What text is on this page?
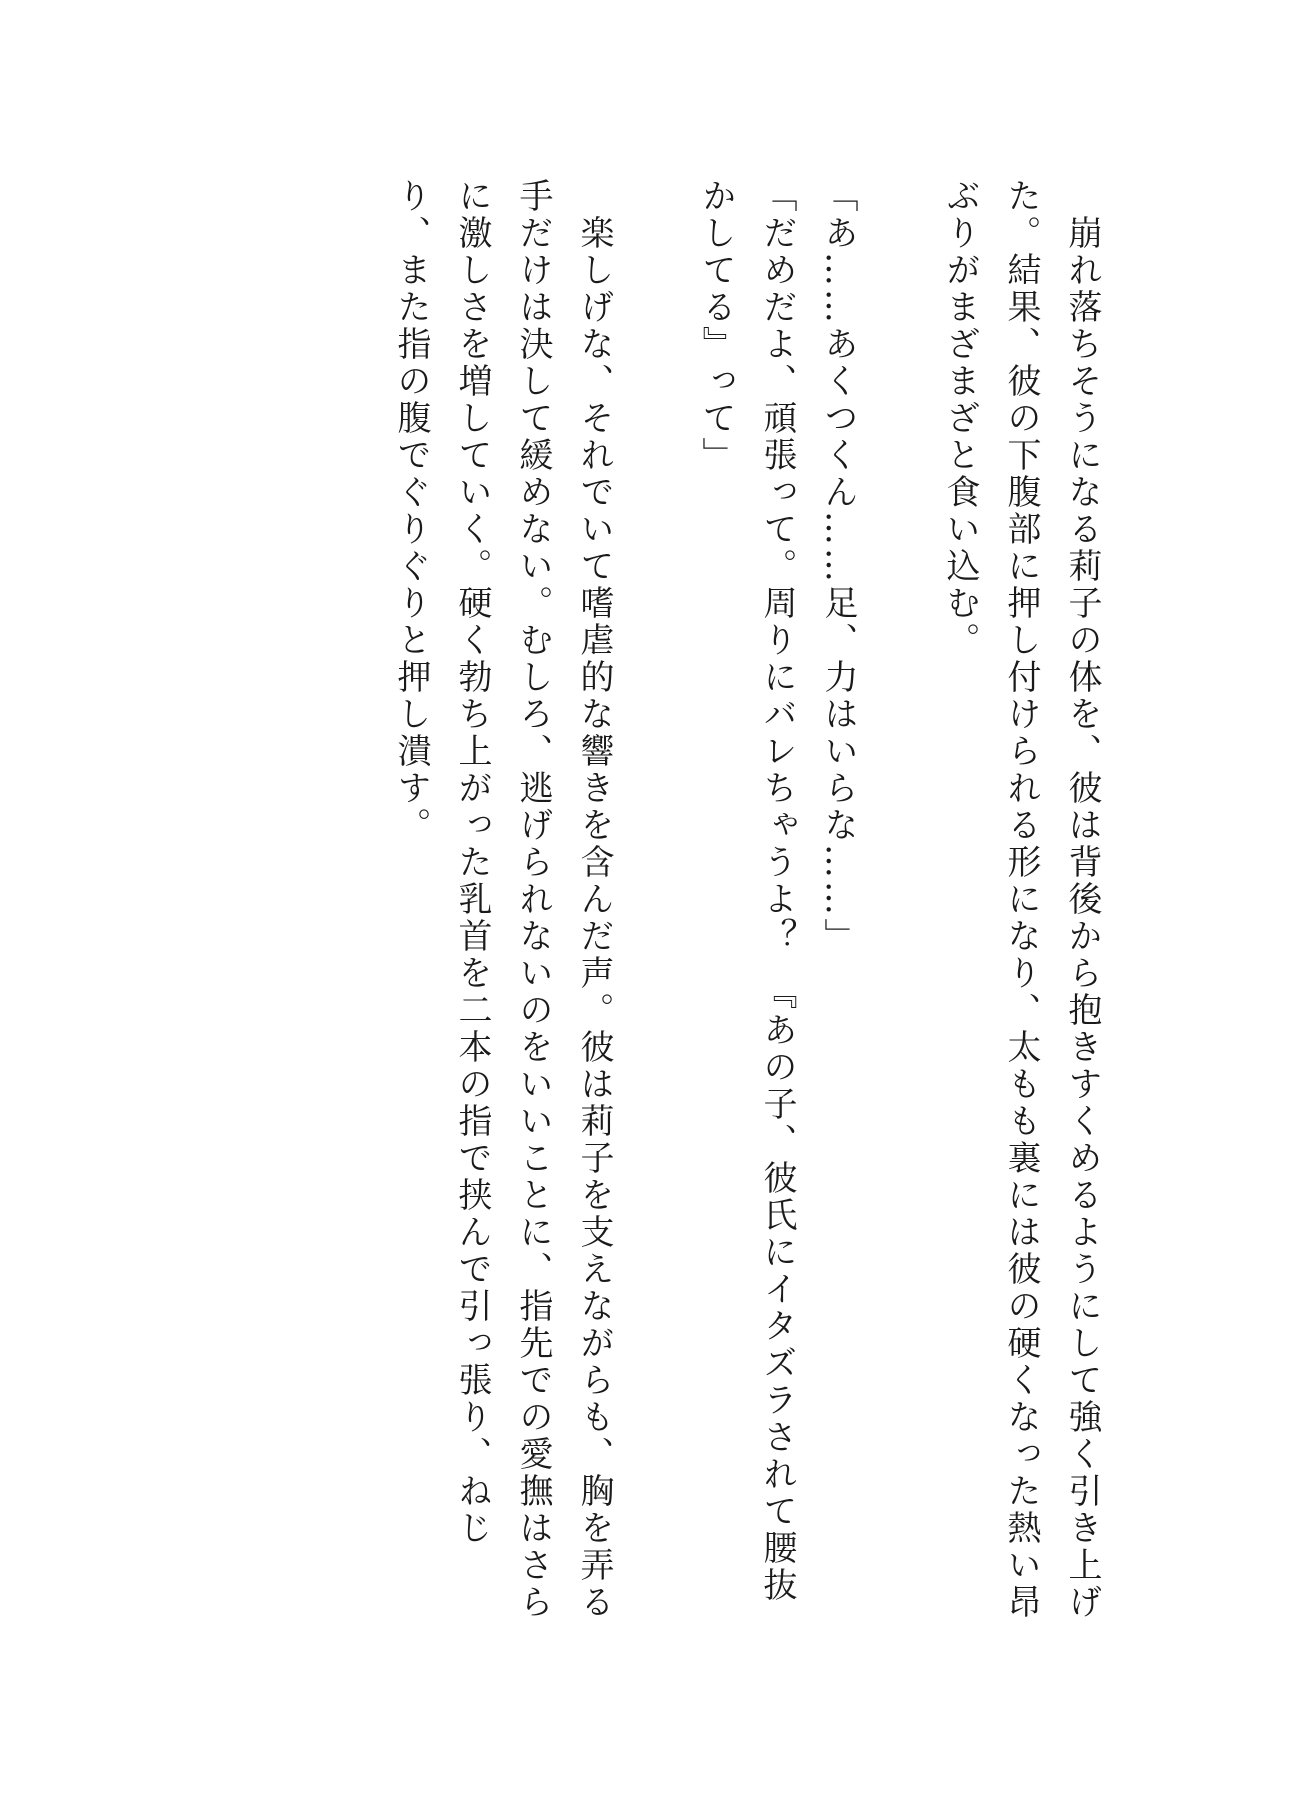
　崩れ落ちそうになる莉子の体を、彼は背後から抱きすくめるようにして強く引き上げ
た。結果、彼の下腹部に押し付けられる形になり、太もも裏には彼の硬くなった熱い昂
ぶりがまざまざと食い込む。
「あ……あくつくん……足、力はいらな……」
「だめだよ、頑張って。周りにバレちゃうよ？　『あの子、彼氏にイタズラされて腰抜
かしてる』って」
　楽しげな、それでいて嗜虐的な響きを含んだ声。彼は莉子を支えながらも、胸を弄る
手だけは決して緩めない。むしろ、逃げられないのをいいことに、指先での愛撫はさら
に激しさを増していく。硬く勃ち上がった乳首を二本の指で挟んで引っ張り、ねじ
り、また指の腹でぐりぐりと押し潰す。
